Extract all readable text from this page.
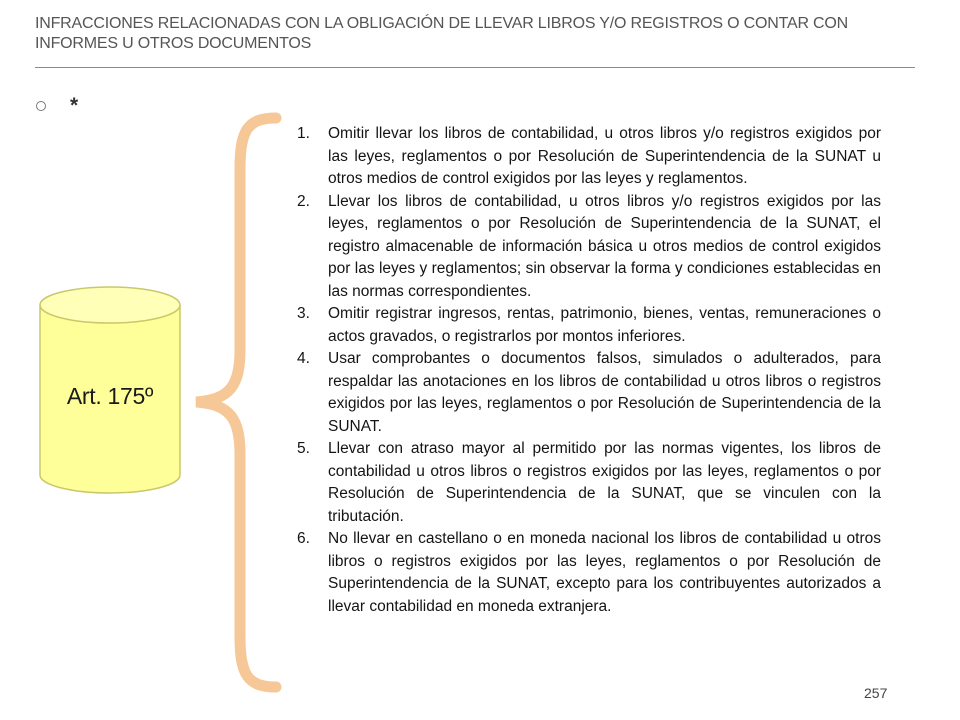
INFRACCIONES RELACIONADAS CON LA OBLIGACIÓN DE LLEVAR LIBROS Y/O REGISTROS O CONTAR CON INFORMES U OTROS DOCUMENTOS
*
Art. 175º
1. Omitir llevar los libros de contabilidad, u otros libros y/o registros exigidos por las leyes, reglamentos o por Resolución de Superintendencia de la SUNAT u otros medios de control exigidos por las leyes y reglamentos.
2. Llevar los libros de contabilidad, u otros libros y/o registros exigidos por las leyes, reglamentos o por Resolución de Superintendencia de la SUNAT, el registro almacenable de información básica u otros medios de control exigidos por las leyes y reglamentos; sin observar la forma y condiciones establecidas en las normas correspondientes.
3. Omitir registrar ingresos, rentas, patrimonio, bienes, ventas, remuneraciones o actos gravados, o registrarlos por montos inferiores.
4. Usar comprobantes o documentos falsos, simulados o adulterados, para respaldar las anotaciones en los libros de contabilidad u otros libros o registros exigidos por las leyes, reglamentos o por Resolución de Superintendencia de la SUNAT.
5. Llevar con atraso mayor al permitido por las normas vigentes, los libros de contabilidad u otros libros o registros exigidos por las leyes, reglamentos o por Resolución de Superintendencia de la SUNAT, que se vinculen con la tributación.
6. No llevar en castellano o en moneda nacional los libros de contabilidad u otros libros o registros exigidos por las leyes, reglamentos o por Resolución de Superintendencia de la SUNAT, excepto para los contribuyentes autorizados a llevar contabilidad en moneda extranjera.
257
